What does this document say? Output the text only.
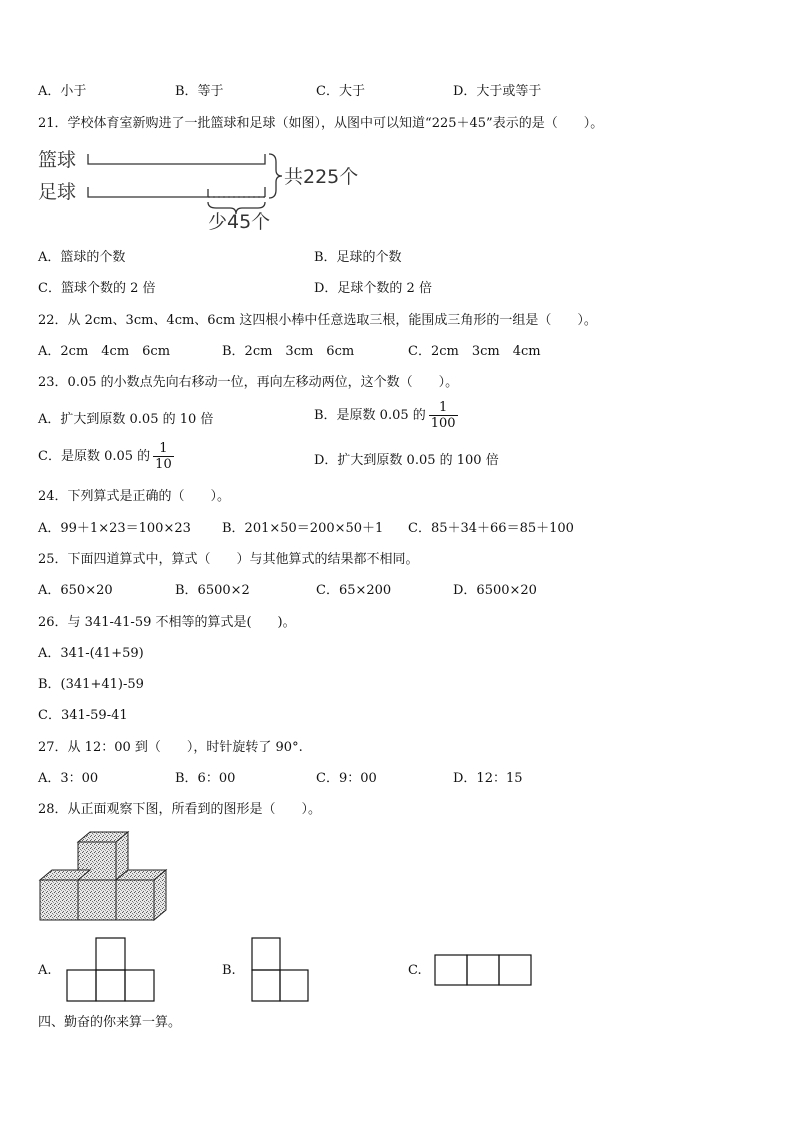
A．小于	B．等于	C．大于	D．大于或等于
21．学校体育室新购进了一批篮球和足球（如图），从图中可以知道“225＋45”表示的是（　　）。
篮球
足球
共225个
少45个
A．篮球的个数	B．足球的个数
C．篮球个数的 2 倍	D．足球个数的 2 倍
22．从 2cm、3cm、4cm、6cm 这四根小棒中任意选取三根，能围成三角形的一组是（　　）。
A．2cm　4cm　6cm	B．2cm　3cm　6cm	C．2cm　3cm　4cm
23．0.05 的小数点先向右移动一位，再向左移动两位，这个数（　　）。
A．扩大到原数 0.05 的 10 倍	B．是原数 0.05 的 $\frac{1}{100}$
C．是原数 0.05 的 $\frac{1}{10}$	D．扩大到原数 0.05 的 100 倍
24．下列算式是正确的（　　）。
A．99＋1×23＝100×23 B．201×50＝200×50＋1 C．85＋34＋66＝85＋100
25．下面四道算式中，算式（　　）与其他算式的结果都不相同。
A．650×20	B．6500×2	C．65×200	D．6500×20
26．与 341-41-59 不相等的算式是(　　)。
A．341-(41+59)
B．(341+41)-59
C．341-59-41
27．从 12：00 到（　　），时针旋转了 90°.
A．3：00	B．6：00	C．9：00	D．12：15
28．从正面观察下图，所看到的图形是（　　）。
A.	B.	C.
四、勤奋的你来算一算。
